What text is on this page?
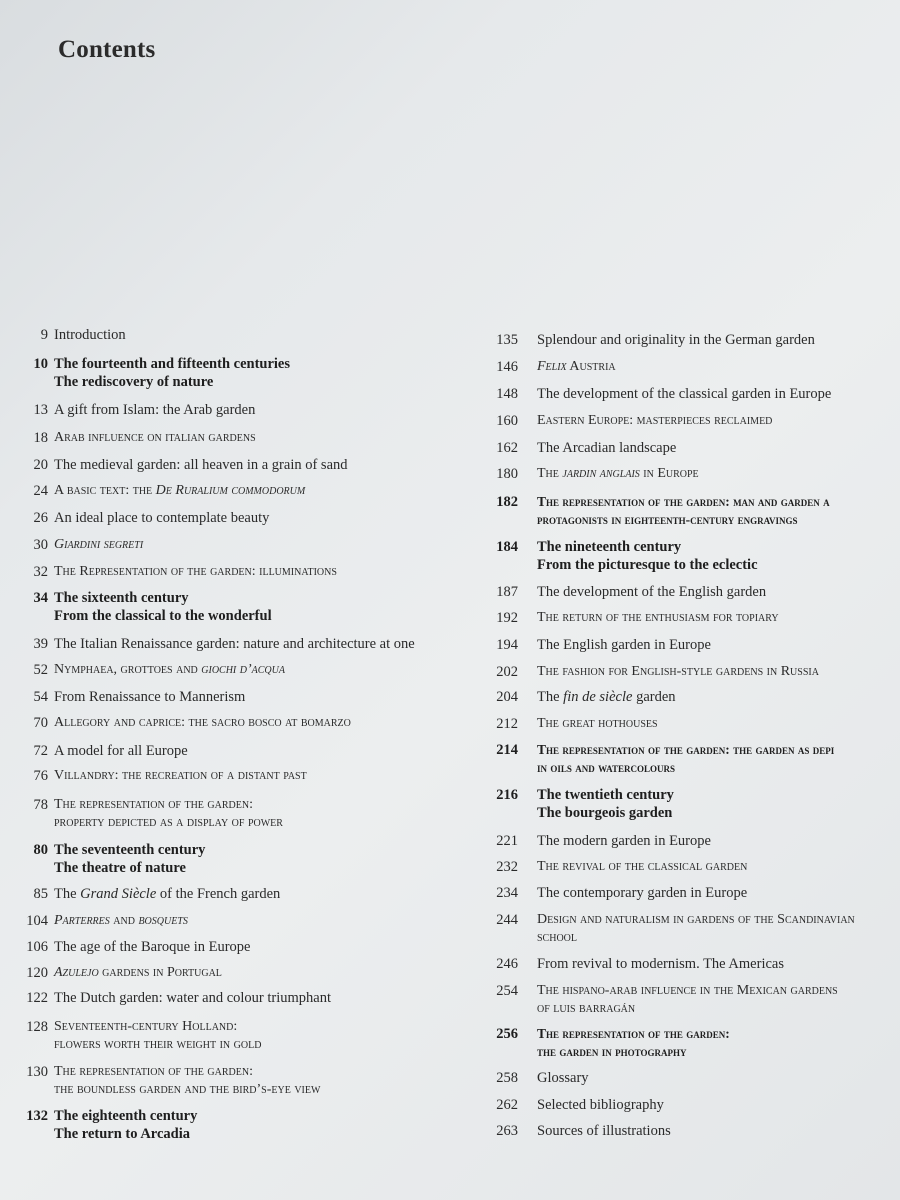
Contents
9 Introduction
10 The fourteenth and fifteenth centuries
The rediscovery of nature
13 A gift from Islam: the Arab garden
18 Arab influence on italian gardens
20 The medieval garden: all heaven in a grain of sand
24 A basic text: the De Ruralium commodorum
26 An ideal place to contemplate beauty
30 Giardini segreti
32 The Representation of the garden: illuminations
34 The sixteenth century
From the classical to the wonderful
39 The Italian Renaissance garden: nature and architecture at one
52 Nymphaea, grottoes and giochi d’acqua
54 From Renaissance to Mannerism
70 Allegory and caprice: the sacro bosco at bomarzo
72 A model for all Europe
76 Villandry: the recreation of a distant past
78 The representation of the garden:
property depicted as a display of power
80 The seventeenth century
The theatre of nature
85 The Grand Siècle of the French garden
104 Parterres and bosquets
106 The age of the Baroque in Europe
120 Azulejo gardens in Portugal
122 The Dutch garden: water and colour triumphant
128 Seventeenth-century Holland:
flowers worth their weight in gold
130 The representation of the garden:
the boundless garden and the bird’s-eye view
132 The eighteenth century
The return to Arcadia
135 Splendour and originality in the German garden
146 Felix Austria
148 The development of the classical garden in Europe
160 Eastern Europe: masterpieces reclaimed
162 The Arcadian landscape
180 The jardin anglais in Europe
182 The representation of the garden: man and garden a
protagonists in eighteenth-century engravings
184 The nineteenth century
From the picturesque to the eclectic
187 The development of the English garden
192 The return of the enthusiasm for topiary
194 The English garden in Europe
202 The fashion for English-style gardens in Russia
204 The fin de siècle garden
212 The great hothouses
214 The representation of the garden: the garden as depi
in oils and watercolours
216 The twentieth century
The bourgeois garden
221 The modern garden in Europe
232 The revival of the classical garden
234 The contemporary garden in Europe
244 Design and naturalism in gardens of the Scandinavian
school
246 From revival to modernism. The Americas
254 The hispano-arab influence in the Mexican gardens
of luis barragán
256 The representation of the garden:
the garden in photography
258 Glossary
262 Selected bibliography
263 Sources of illustrations
